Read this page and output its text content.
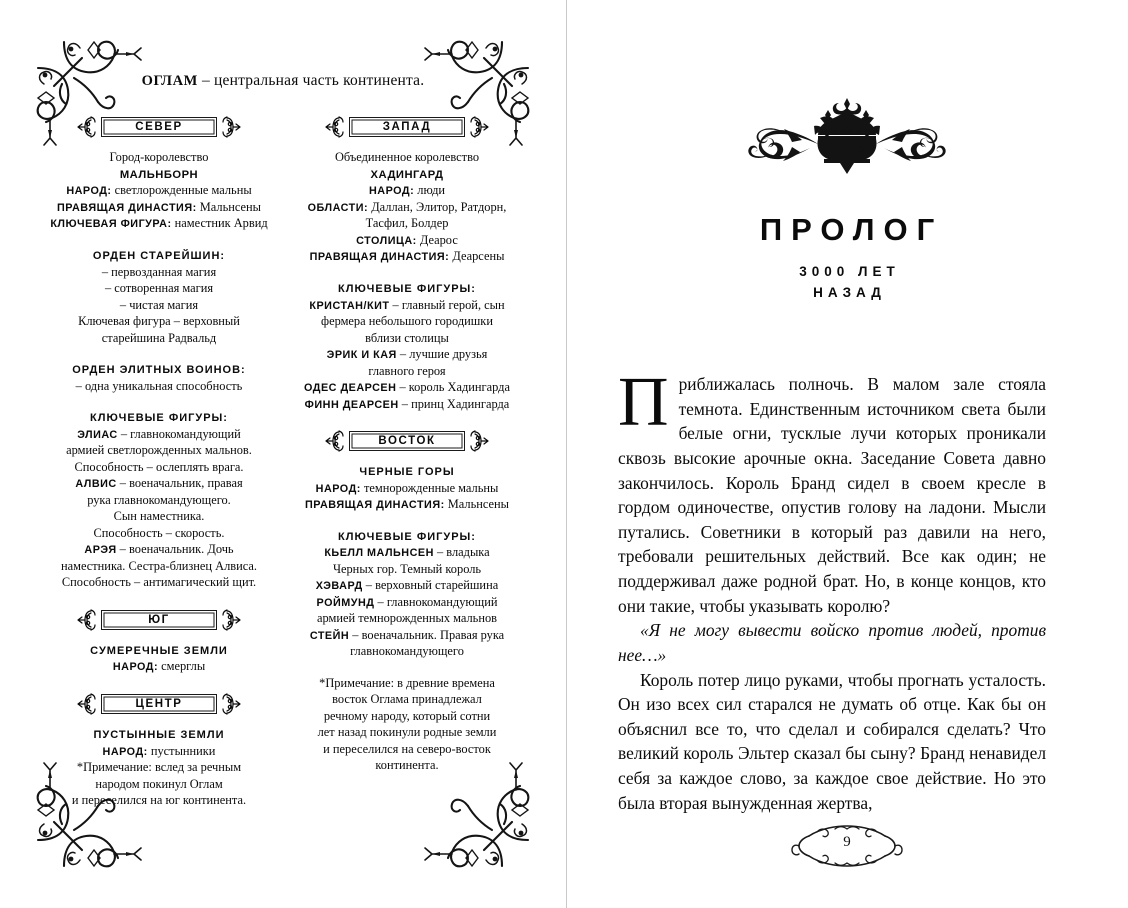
ОГЛАМ – центральная часть континента.
СЕВЕР
Город-королевство
МАЛЬНБОРН
НАРОД: светлорожденные мальны
ПРАВЯЩАЯ ДИНАСТИЯ: Мальнсены
КЛЮЧЕВАЯ ФИГУРА: наместник Арвид
ОРДЕН СТАРЕЙШИН:
– первозданная магия
– сотворенная магия
– чистая магия
Ключевая фигура – верховный
старейшина Радвальд
ОРДЕН ЭЛИТНЫХ ВОИНОВ:
– одна уникальная способность
КЛЮЧЕВЫЕ ФИГУРЫ:
ЭЛИАС – главнокомандующий
армией светлорожденных мальнов.
Способность – ослеплять врага.
АЛВИС – военачальник, правая
рука главнокомандующего.
Сын наместника.
Способность – скорость.
АРЭЯ – военачальник. Дочь
наместника. Сестра-близнец Алвиса.
Способность – антимагический щит.
ЮГ
СУМЕРЕЧНЫЕ ЗЕМЛИ
НАРОД: смерглы
ЦЕНТР
ПУСТЫННЫЕ ЗЕМЛИ
НАРОД: пустынники
*Примечание: вслед за речным
народом покинул Оглам
и переселился на юг континента.
ЗАПАД
Объединенное королевство
ХАДИНГАРД
НАРОД: люди
ОБЛАСТИ: Даллан, Элитор, Ратдорн,
Тасфил, Болдер
СТОЛИЦА: Деарос
ПРАВЯЩАЯ ДИНАСТИЯ: Деарсены
КЛЮЧЕВЫЕ ФИГУРЫ:
КРИСТАН/КИТ – главный герой, сын
фермера небольшого городишки
вблизи столицы
ЭРИК И КАЯ – лучшие друзья
главного героя
ОДЕС ДЕАРСЕН – король Хадингарда
ФИНН ДЕАРСЕН – принц Хадингарда
ВОСТОК
ЧЕРНЫЕ ГОРЫ
НАРОД: темнорожденные мальны
ПРАВЯЩАЯ ДИНАСТИЯ: Мальнсены
КЛЮЧЕВЫЕ ФИГУРЫ:
КЬЕЛЛ МАЛЬНСЕН – владыка
Черных гор. Темный король
ХЭВАРД – верховный старейшина
РОЙМУНД – главнокомандующий
армией темнорожденных мальнов
СТЕЙН – военачальник. Правая рука
главнокомандующего
*Примечание: в древние времена
восток Оглама принадлежал
речному народу, который сотни
лет назад покинули родные земли
и переселился на северо-восток
континента.
ПРОЛОГ
3000 ЛЕТ
НАЗАД

Приближалась полночь. В малом зале стояла темнота. Единственным источником света были белые огни, тусклые лучи которых проникали сквозь высокие арочные окна. Заседание Совета давно закончилось. Король Бранд сидел в своем кресле в гордом одиночестве, опустив голову на ладони. Мысли путались. Советники в который раз давили на него, требовали решительных действий. Все как один; не поддерживал даже родной брат. Но, в конце концов, кто они такие, чтобы указывать королю?

«Я не могу вывести войско против людей, против нее…»

Король потер лицо руками, чтобы прогнать усталость. Он изо всех сил старался не думать об отце. Как бы он объяснил все то, что сделал и собирался сделать? Что великий король Эльтер сказал бы сыну? Бранд ненавидел себя за каждое слово, за каждое свое действие. Но это была вторая вынужденная жертва,

9
